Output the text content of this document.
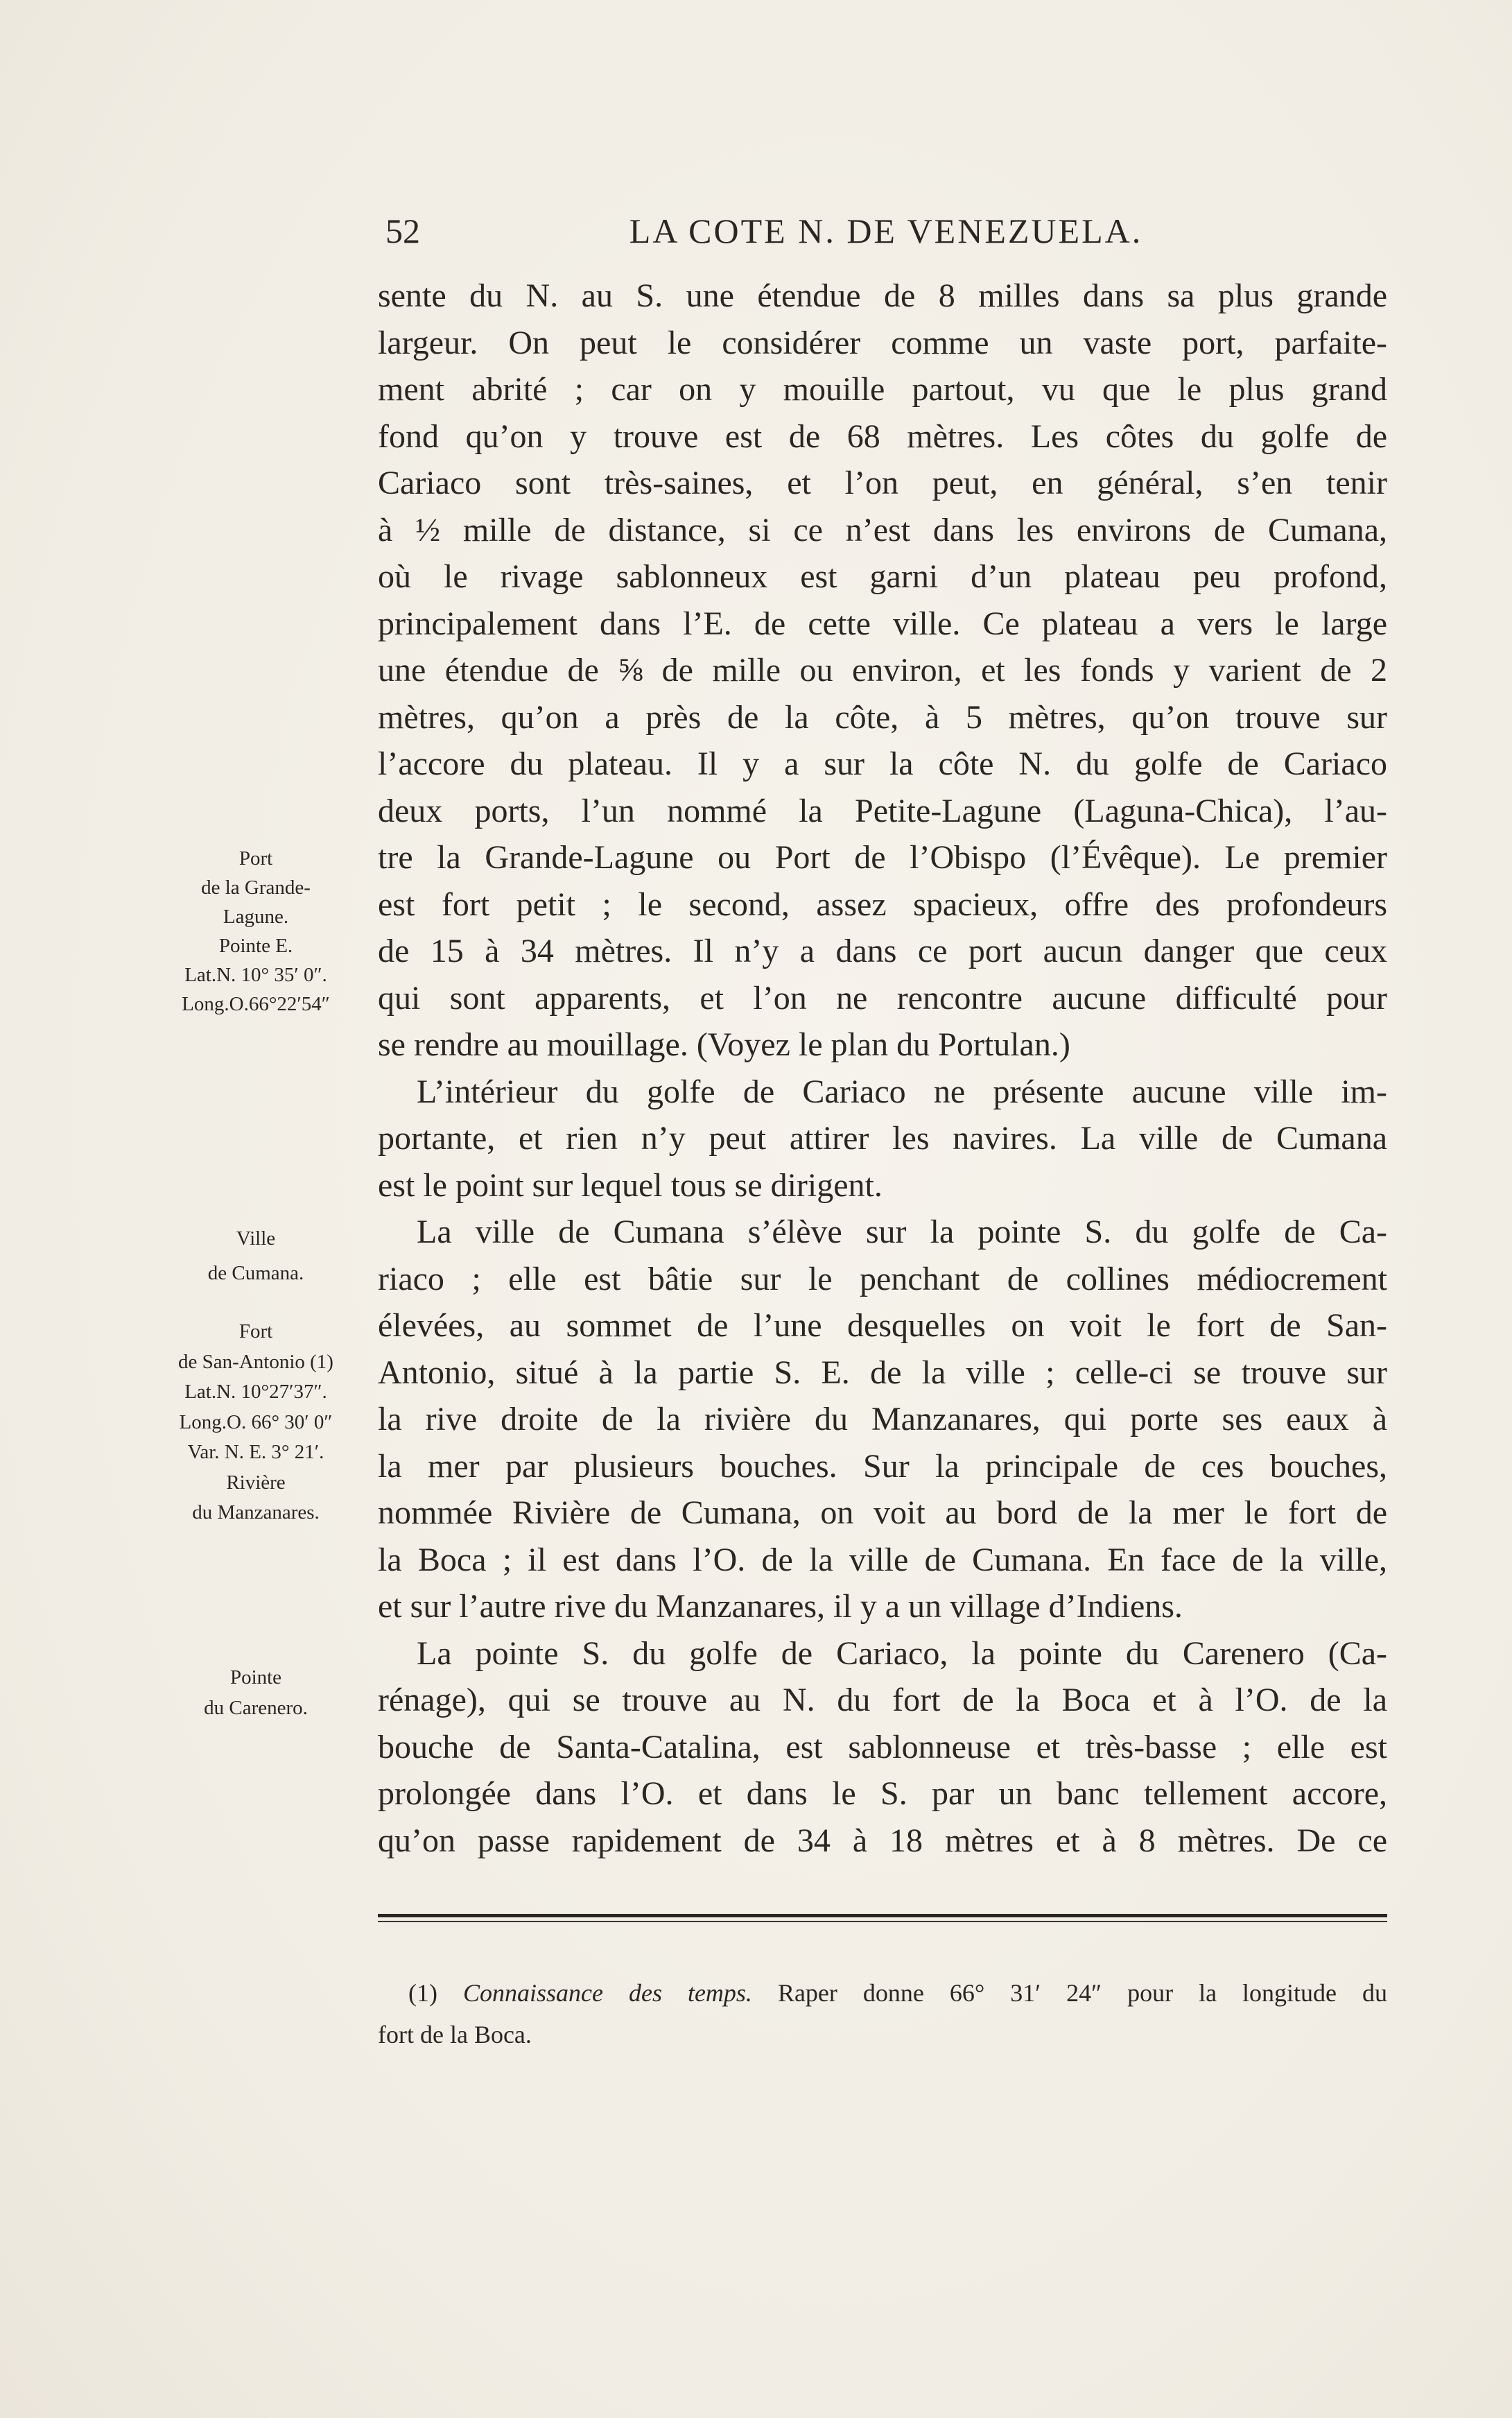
52	LA COTE N. DE VENEZUELA.
Port
de la Grande-
Lagune.
Pointe E.
Lat.N. 10° 35′ 0″.
Long.O.66°22′54″
Ville
de Cumana.
Fort
de San-Antonio (1)
Lat.N. 10°27′37″.
Long.O. 66° 30′ 0″
Var. N. E. 3° 21′.
Rivière
du Manzanares.
Pointe
du Carenero.
sente du N. au S. une étendue de 8 milles dans sa plus grande
largeur. On peut le considérer comme un vaste port, parfaite-
ment abrité ; car on y mouille partout, vu que le plus grand
fond qu’on y trouve est de 68 mètres. Les côtes du golfe de
Cariaco sont très-saines, et l’on peut, en général, s’en tenir
à ½ mille de distance, si ce n’est dans les environs de Cumana,
où le rivage sablonneux est garni d’un plateau peu profond,
principalement dans l’E. de cette ville. Ce plateau a vers le large
une étendue de ⅝ de mille ou environ, et les fonds y varient de 2
mètres, qu’on a près de la côte, à 5 mètres, qu’on trouve sur
l’accore du plateau. Il y a sur la côte N. du golfe de Cariaco
deux ports, l’un nommé la Petite-Lagune (Laguna-Chica), l’au-
tre la Grande-Lagune ou Port de l’Obispo (l’Évêque). Le premier
est fort petit ; le second, assez spacieux, offre des profondeurs
de 15 à 34 mètres. Il n’y a dans ce port aucun danger que ceux
qui sont apparents, et l’on ne rencontre aucune difficulté pour
se rendre au mouillage. (Voyez le plan du Portulan.)
L’intérieur du golfe de Cariaco ne présente aucune ville im-
portante, et rien n’y peut attirer les navires. La ville de Cumana
est le point sur lequel tous se dirigent.
La ville de Cumana s’élève sur la pointe S. du golfe de Ca-
riaco ; elle est bâtie sur le penchant de collines médiocrement
élevées, au sommet de l’une desquelles on voit le fort de San-
Antonio, situé à la partie S. E. de la ville ; celle-ci se trouve sur
la rive droite de la rivière du Manzanares, qui porte ses eaux à
la mer par plusieurs bouches. Sur la principale de ces bouches,
nommée Rivière de Cumana, on voit au bord de la mer le fort de
la Boca ; il est dans l’O. de la ville de Cumana. En face de la ville,
et sur l’autre rive du Manzanares, il y a un village d’Indiens.
La pointe S. du golfe de Cariaco, la pointe du Carenero (Ca-
rénage), qui se trouve au N. du fort de la Boca et à l’O. de la
bouche de Santa-Catalina, est sablonneuse et très-basse ; elle est
prolongée dans l’O. et dans le S. par un banc tellement accore,
qu’on passe rapidement de 34 à 18 mètres et à 8 mètres. De ce
(1) Connaissance des temps. Raper donne 66° 31′ 24″ pour la longitude du
fort de la Boca.
